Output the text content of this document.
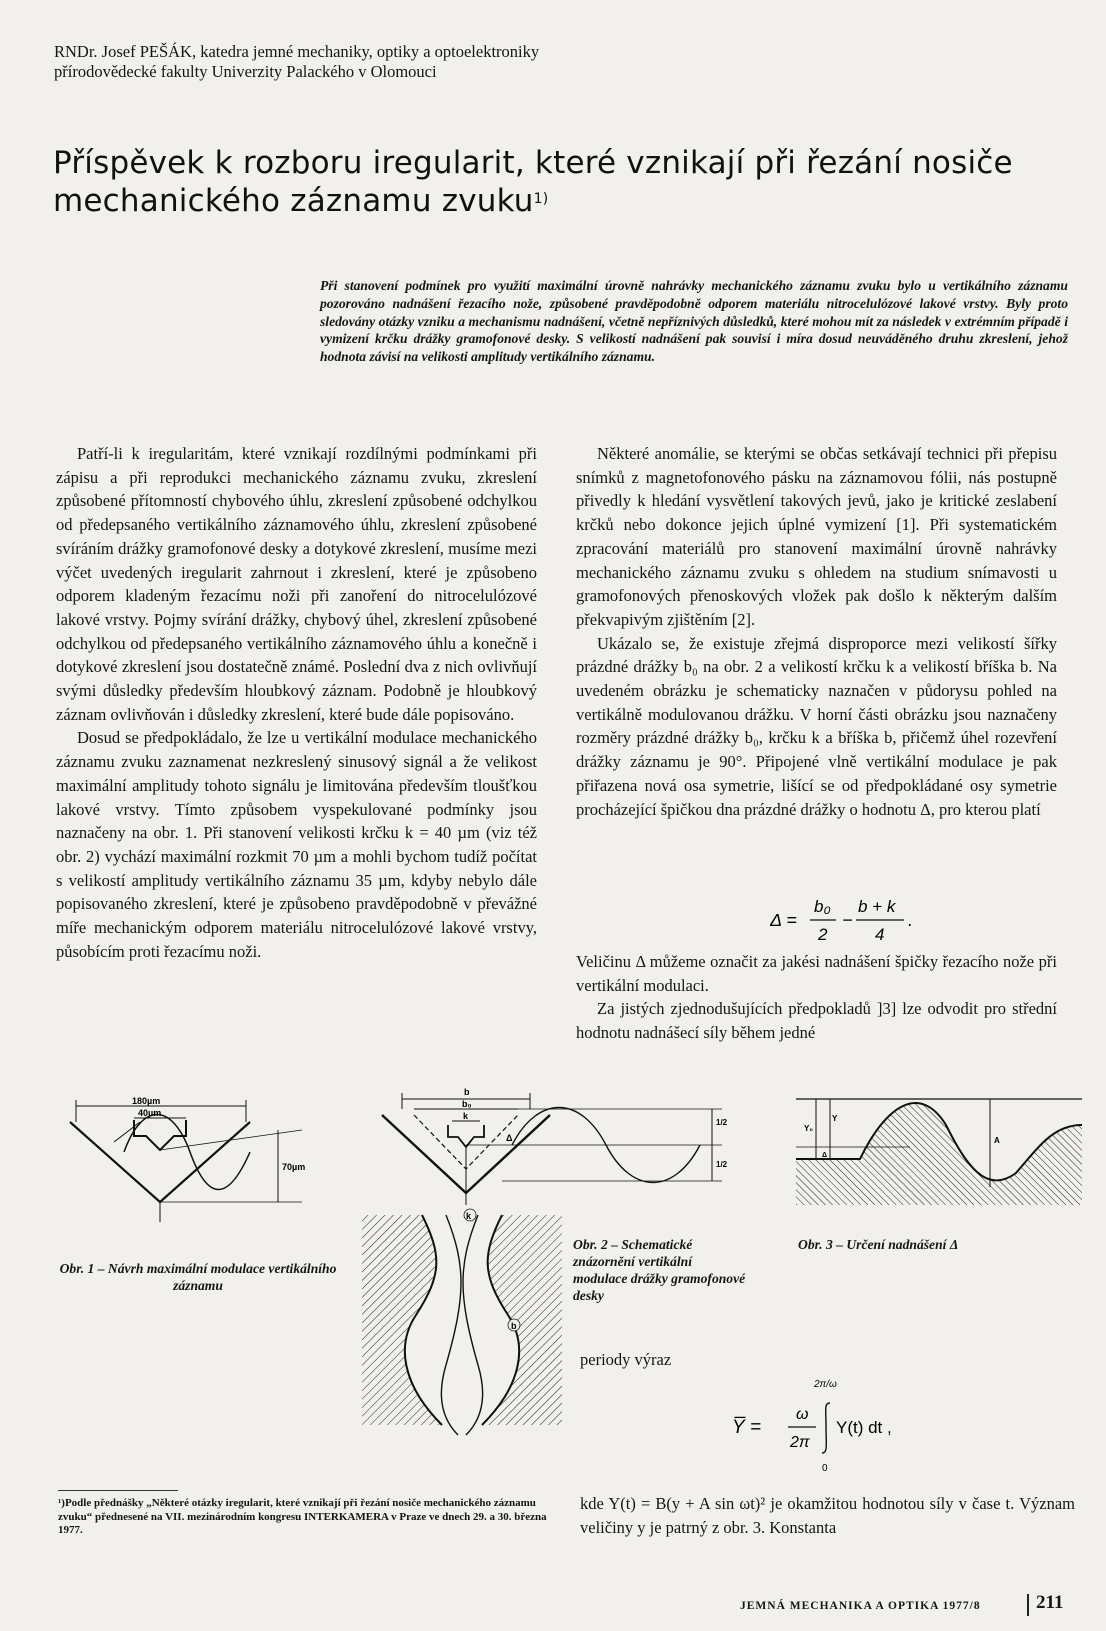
RNDr. Josef PEŠÁK, katedra jemné mechaniky, optiky a optoelektroniky přírodovědecké fakulty Univerzity Palackého v Olomouci
Příspěvek k rozboru iregularit, které vznikají při řezání nosiče mechanického záznamu zvuku$^{1)}$
Při stanovení podmínek pro využití maximální úrovně nahrávky mechanického záznamu zvuku bylo u vertikálního záznamu pozorováno nadnášení řezacího nože, způsobené pravděpodobně odporem materiálu nitrocelulózové lakové vrstvy. Byly proto sledovány otázky vzniku a mechanismu nadnášení, včetně nepříznivých důsledků, které mohou mít za následek v extrémním případě i vymizení krčku drážky gramofonové desky. S velikostí nadnášení pak souvisí i míra dosud neuváděného druhu zkreslení, jehož hodnota závisí na velikosti amplitudy vertikálního záznamu.

Patří-li k iregularitám, které vznikají rozdílnými podmínkami při zápisu a při reprodukci mechanického záznamu zvuku, zkreslení způsobené přítomností chybového úhlu, zkreslení způsobené odchylkou od předepsaného vertikálního záznamového úhlu, zkreslení způsobené svíráním drážky gramofonové desky a dotykové zkreslení, musíme mezi výčet uvedených iregularit zahrnout i zkreslení, které je způsobeno odporem kladeným řezacímu noži při zanoření do nitrocelulózové lakové vrstvy. Pojmy svírání drážky, chybový úhel, zkreslení způsobené odchylkou od předepsaného vertikálního záznamového úhlu a konečně i dotykové zkreslení jsou dostatečně známé. Poslední dva z nich ovlivňují svými důsledky především hloubkový záznam. Podobně je hloubkový záznam ovlivňován i důsledky zkreslení, které bude dále popisováno.

Dosud se předpokládalo, že lze u vertikální modulace mechanického záznamu zvuku zaznamenat nezkreslený sinusový signál a že velikost maximální amplitudy tohoto signálu je limitována především tloušťkou lakové vrstvy. Tímto způsobem vyspekulované podmínky jsou naznačeny na obr. 1. Při stanovení velikosti krčku k = 40 µm (viz též obr. 2) vychází maximální rozkmit 70 µm a mohli bychom tudíž počítat s velikostí amplitudy vertikálního záznamu 35 µm, kdyby nebylo dále popisovaného zkreslení, které je způsobeno pravděpodobně v převážné míře mechanickým odporem materiálu nitrocelulózové lakové vrstvy, působícím proti řezacímu noži.

Některé anomálie, se kterými se občas setkávají technici při přepisu snímků z magnetofonového pásku na záznamovou fólii, nás postupně přivedly k hledání vysvětlení takových jevů, jako je kritické zeslabení krčků nebo dokonce jejich úplné vymizení [1]. Při systematickém zpracování materiálů pro stanovení maximální úrovně nahrávky mechanického záznamu zvuku s ohledem na studium snímavosti u gramofonových přenoskových vložek pak došlo k některým dalším překvapivým zjištěním [2].

Ukázalo se, že existuje zřejmá disproporce mezi velikostí šířky prázdné drážky b₀ na obr. 2 a velikostí krčku k a velikostí bříška b. Na uvedeném obrázku je schematicky naznačen v půdorysu pohled na vertikálně modulovanou drážku. V horní části obrázku jsou naznačeny rozměry prázdné drážky b₀, krčku k a bříška b, přičemž úhel rozevření drážky záznamu je 90°. Připojené vlně vertikální modulace je pak přiřazena nová osa symetrie, lišící se od předpokládané osy symetrie procházející špičkou dna prázdné drážky o hodnotu Δ, pro kterou platí

Δ =
b₀
2
−
b + k
4
.

Veličinu Δ můžeme označit za jakési nadnášení špičky řezacího nože při vertikální modulaci.

Za jistých zjednodušujících předpokladů ]3] lze odvodit pro střední hodnotu nadnášecí síly během jedné

180µm
40µm
70µm
Obr. 1 – Návrh maximální modulace vertikálního záznamu
b
b₀
k
Δ
1/2
1/2
k
b
Obr. 2 – Schematické znázornění vertikální modulace drážky gramofonové desky
Y₀
Y
Δ
A
Obr. 3 – Určení nadnášení Δ
periody výraz
Y̅ =
ω
2π
2π/ω
0
Y(t) dt ,
kde Y(t) = B(y + A sin ωt)² je okamžitou hodnotou síly v čase t. Význam veličiny y je patrný z obr. 3. Konstanta
¹)Podle přednášky „Některé otázky iregularit, které vznikají při řezání nosiče mechanického záznamu zvuku“ přednesené na VII. mezinárodním kongresu INTERKAMERA v Praze ve dnech 29. a 30. března 1977.
JEMNÁ MECHANIKA A OPTIKA 1977/8	211
